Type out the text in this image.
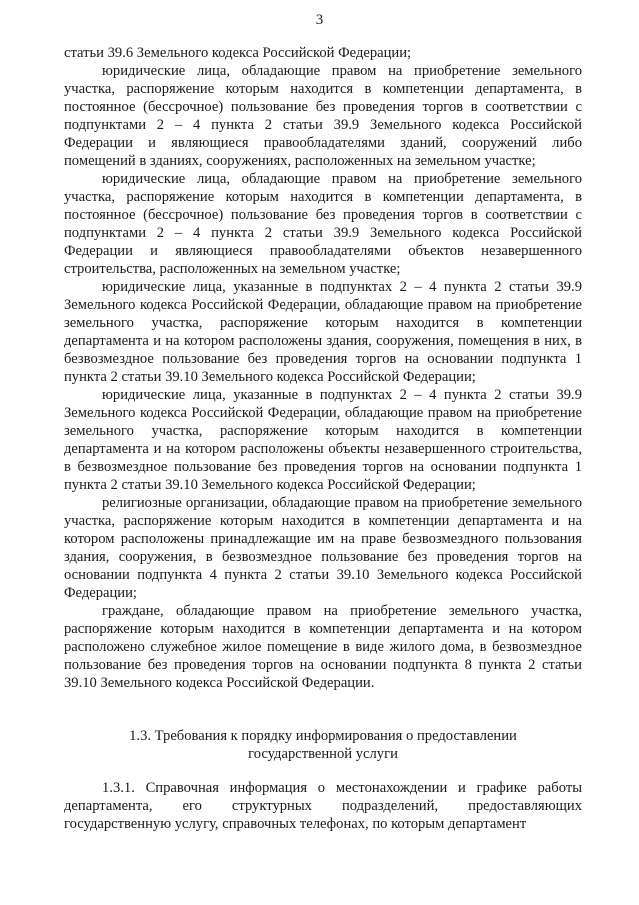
3

статьи 39.6 Земельного кодекса Российской Федерации;

юридические лица, обладающие правом на приобретение земельного участка, распоряжение которым находится в компетенции департамента, в постоянное (бессрочное) пользование без проведения торгов в соответствии с подпунктами 2 – 4 пункта 2 статьи 39.9 Земельного кодекса Российской Федерации и являющиеся правообладателями зданий, сооружений либо помещений в зданиях, сооружениях, расположенных на земельном участке;

юридические лица, обладающие правом на приобретение земельного участка, распоряжение которым находится в компетенции департамента, в постоянное (бессрочное) пользование без проведения торгов в соответствии с подпунктами 2 – 4 пункта 2 статьи 39.9 Земельного кодекса Российской Федерации и являющиеся правообладателями объектов незавершенного строительства, расположенных на земельном участке;

юридические лица, указанные в подпунктах 2 – 4 пункта 2 статьи 39.9 Земельного кодекса Российской Федерации, обладающие правом на приобретение земельного участка, распоряжение которым находится в компетенции департамента и на котором расположены здания, сооружения, помещения в них, в безвозмездное пользование без проведения торгов на основании подпункта 1 пункта 2 статьи 39.10 Земельного кодекса Российской Федерации;

юридические лица, указанные в подпунктах 2 – 4 пункта 2 статьи 39.9 Земельного кодекса Российской Федерации, обладающие правом на приобретение земельного участка, распоряжение которым находится в компетенции департамента и на котором расположены объекты незавершенного строительства, в безвозмездное пользование без проведения торгов на основании подпункта 1 пункта 2 статьи 39.10 Земельного кодекса Российской Федерации;

религиозные организации, обладающие правом на приобретение земельного участка, распоряжение которым находится в компетенции департамента и на котором расположены принадлежащие им на праве безвозмездного пользования здания, сооружения, в безвозмездное пользование без проведения торгов на основании подпункта 4 пункта 2 статьи 39.10 Земельного кодекса Российской Федерации;

граждане, обладающие правом на приобретение земельного участка, распоряжение которым находится в компетенции департамента и на котором расположено служебное жилое помещение в виде жилого дома, в безвозмездное пользование без проведения торгов на основании подпункта 8 пункта 2 статьи 39.10 Земельного кодекса Российской Федерации.

1.3. Требования к порядку информирования о предоставлении
государственной услуги

1.3.1. Справочная информация о местонахождении и графике работы департамента, его структурных подразделений, предоставляющих государственную услугу, справочных телефонах, по которым департамент
